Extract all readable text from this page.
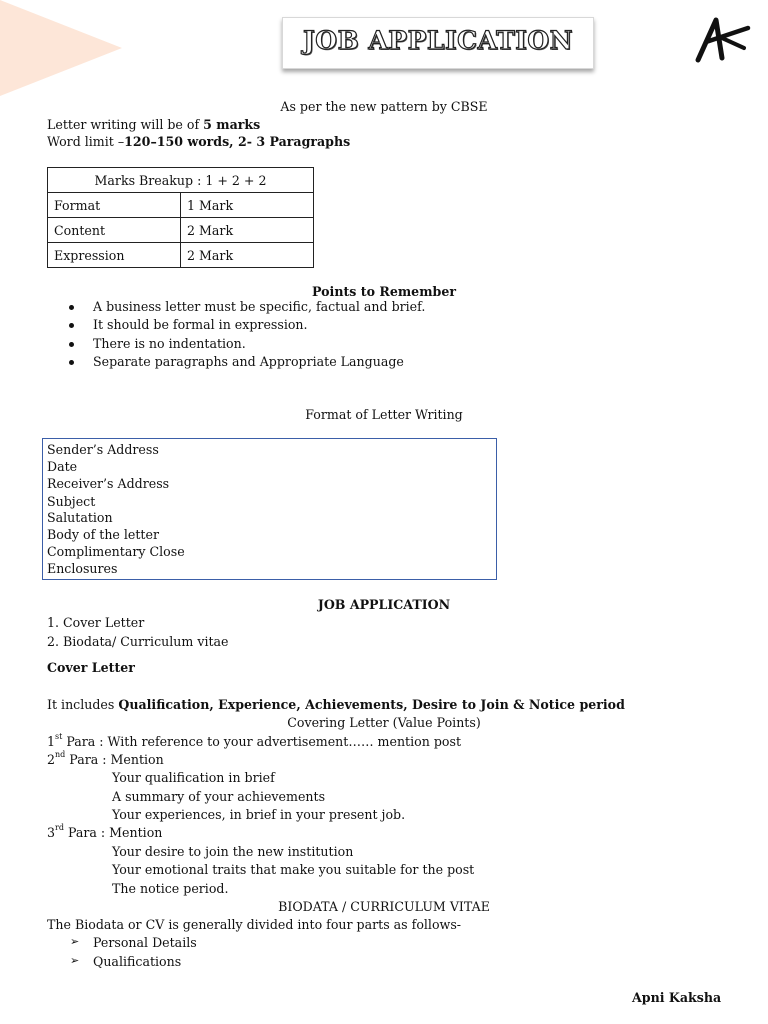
JOB APPLICATION
As per the new pattern by CBSE
Letter writing will be of 5 marks
Word limit –120–150 words, 2- 3 Paragraphs
Marks Breakup : 1 + 2 + 2	
Format	1 Mark
Content	2 Mark
Expression	2 Mark
Points to Remember
A business letter must be specific, factual and brief.
It should be formal in expression.
There is no indentation.
Separate paragraphs and Appropriate Language
Format of Letter Writing
Sender’s Address
Date
Receiver’s Address
Subject
Salutation
Body of the letter
Complimentary Close
Enclosures
JOB APPLICATION
1. Cover Letter
2. Biodata/ Curriculum vitae
Cover Letter
It includes Qualification, Experience, Achievements, Desire to Join & Notice period
Covering Letter (Value Points)
1st Para : With reference to your advertisement…… mention post
2nd Para : Mention
Your qualification in brief
A summary of your achievements
Your experiences, in brief in your present job.
3rd Para : Mention
Your desire to join the new institution
Your emotional traits that make you suitable for the post
The notice period.
BIODATA / CURRICULUM VITAE
The Biodata or CV is generally divided into four parts as follows-
➢ Personal Details
➢ Qualifications
Apni Kaksha
